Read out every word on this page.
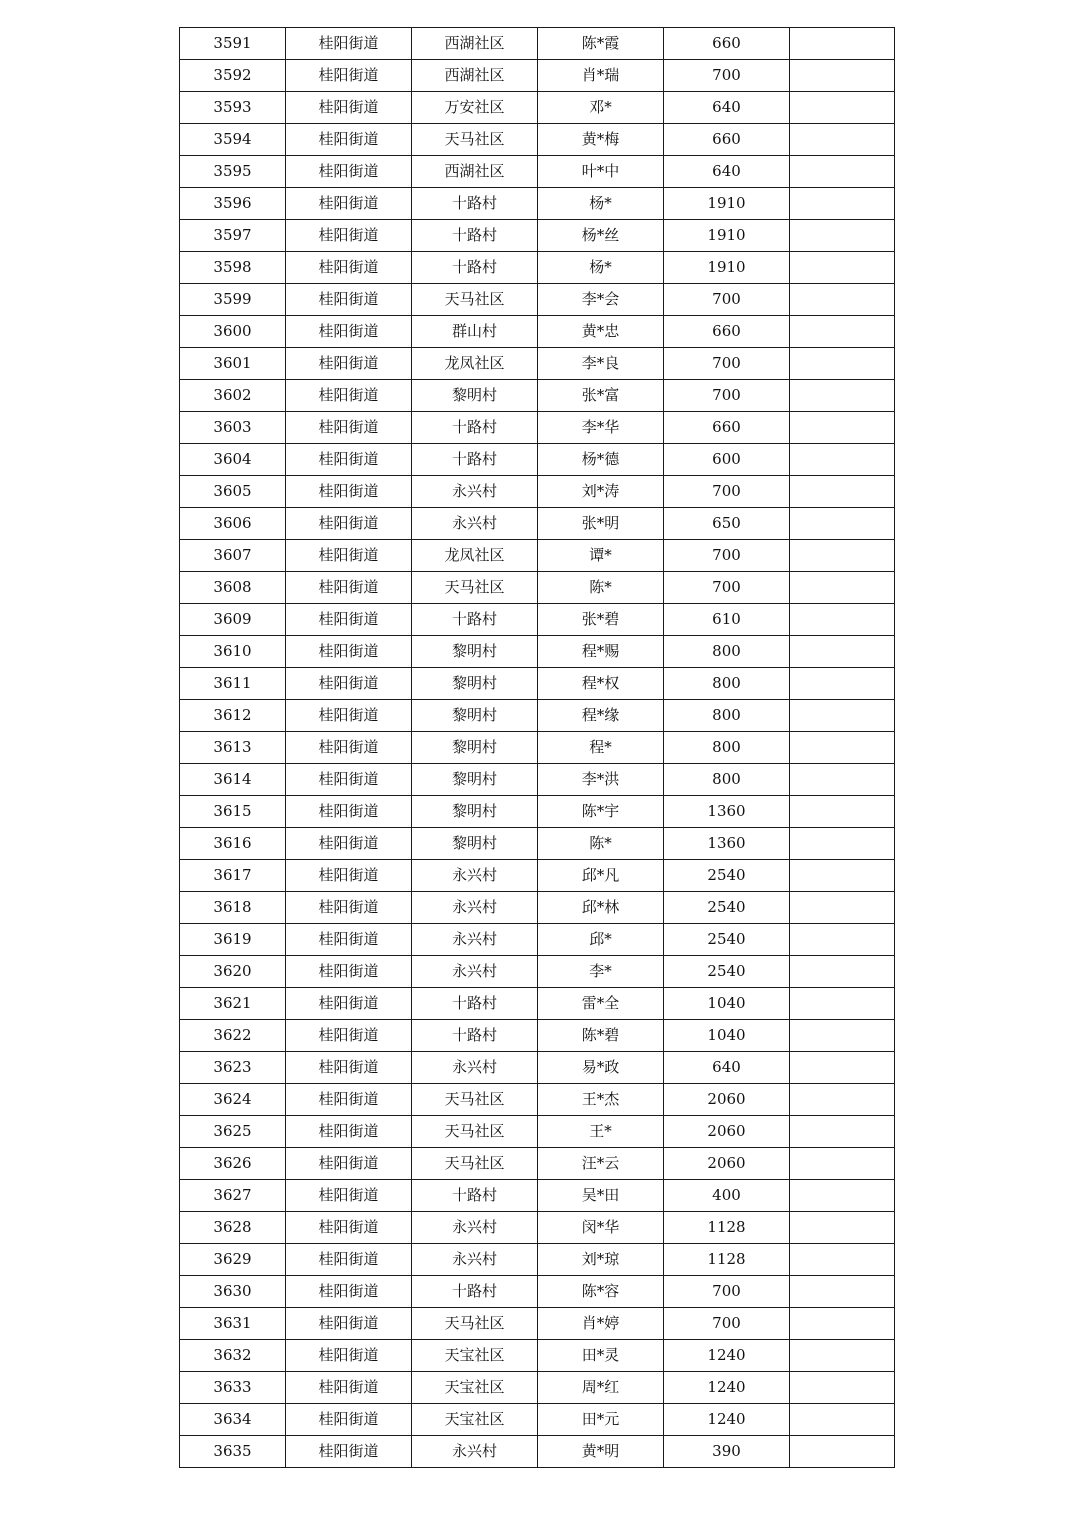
3591	桂阳街道	西湖社区	陈*霞	660	
3592	桂阳街道	西湖社区	肖*瑞	700	
3593	桂阳街道	万安社区	邓*	640	
3594	桂阳街道	天马社区	黄*梅	660	
3595	桂阳街道	西湖社区	叶*中	640	
3596	桂阳街道	十路村	杨*	1910	
3597	桂阳街道	十路村	杨*丝	1910	
3598	桂阳街道	十路村	杨*	1910	
3599	桂阳街道	天马社区	李*会	700	
3600	桂阳街道	群山村	黄*忠	660	
3601	桂阳街道	龙凤社区	李*良	700	
3602	桂阳街道	黎明村	张*富	700	
3603	桂阳街道	十路村	李*华	660	
3604	桂阳街道	十路村	杨*德	600	
3605	桂阳街道	永兴村	刘*涛	700	
3606	桂阳街道	永兴村	张*明	650	
3607	桂阳街道	龙凤社区	谭*	700	
3608	桂阳街道	天马社区	陈*	700	
3609	桂阳街道	十路村	张*碧	610	
3610	桂阳街道	黎明村	程*赐	800	
3611	桂阳街道	黎明村	程*权	800	
3612	桂阳街道	黎明村	程*缘	800	
3613	桂阳街道	黎明村	程*	800	
3614	桂阳街道	黎明村	李*洪	800	
3615	桂阳街道	黎明村	陈*宇	1360	
3616	桂阳街道	黎明村	陈*	1360	
3617	桂阳街道	永兴村	邱*凡	2540	
3618	桂阳街道	永兴村	邱*林	2540	
3619	桂阳街道	永兴村	邱*	2540	
3620	桂阳街道	永兴村	李*	2540	
3621	桂阳街道	十路村	雷*全	1040	
3622	桂阳街道	十路村	陈*碧	1040	
3623	桂阳街道	永兴村	易*政	640	
3624	桂阳街道	天马社区	王*杰	2060	
3625	桂阳街道	天马社区	王*	2060	
3626	桂阳街道	天马社区	汪*云	2060	
3627	桂阳街道	十路村	吴*田	400	
3628	桂阳街道	永兴村	闵*华	1128	
3629	桂阳街道	永兴村	刘*琼	1128	
3630	桂阳街道	十路村	陈*容	700	
3631	桂阳街道	天马社区	肖*婷	700	
3632	桂阳街道	天宝社区	田*灵	1240	
3633	桂阳街道	天宝社区	周*红	1240	
3634	桂阳街道	天宝社区	田*元	1240	
3635	桂阳街道	永兴村	黄*明	390	
